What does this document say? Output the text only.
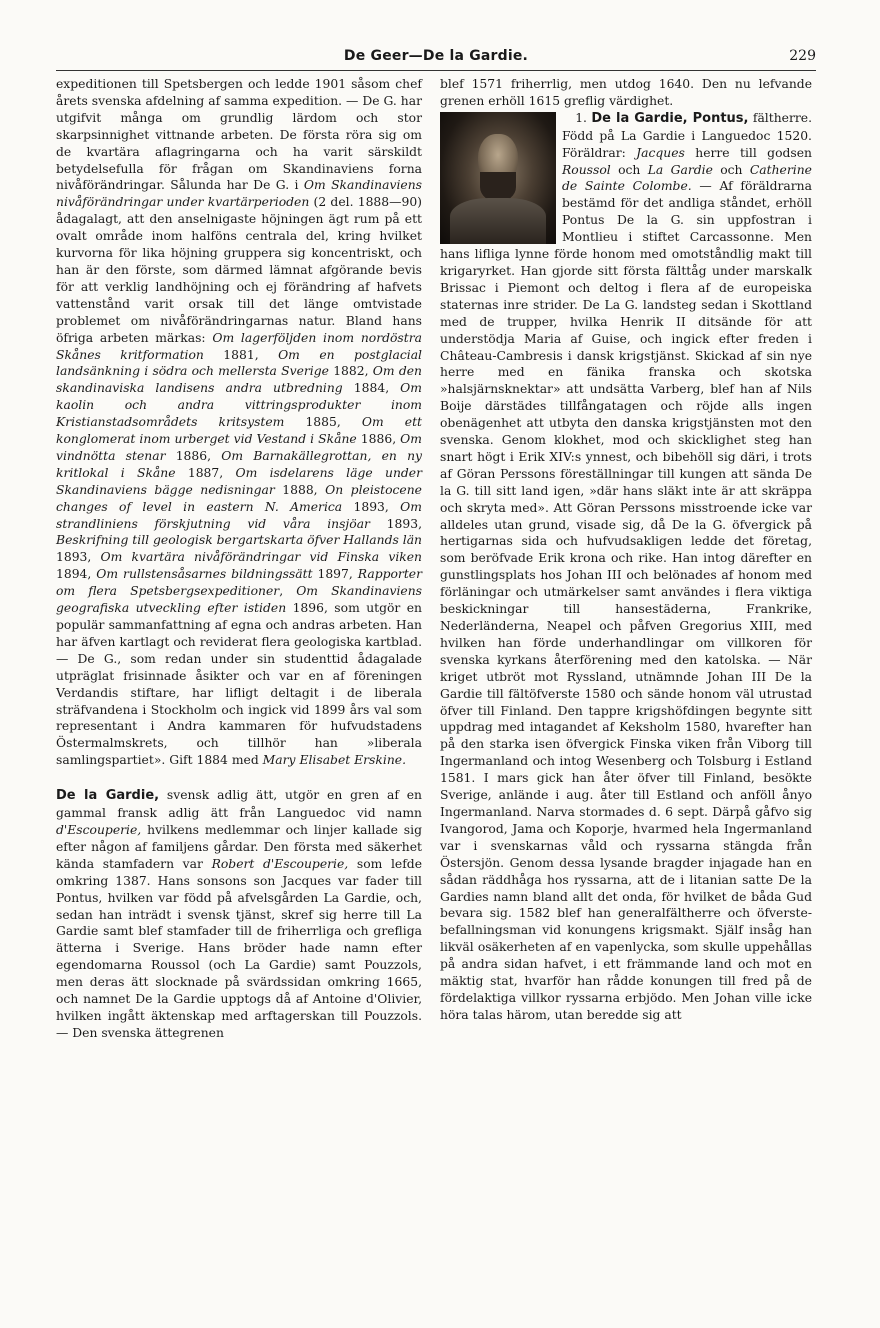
De Geer—De la Gardie.	229

expeditionen till Spetsbergen och ledde 1901 såsom chef årets svenska afdelning af samma expedition. — De G. har utgifvit många om grundlig lärdom och stor skarpsinnighet vittnande arbeten. De första röra sig om de kvartära aflagringarna och ha varit särskildt betydelsefulla för frågan om Skandinaviens forna nivåförändringar. Sålunda har De G. i Om Skandinaviens nivåförändringar under kvartärperioden (2 del. 1888—90) ådagalagt, att den anselnigaste höjningen ägt rum på ett ovalt område inom halföns centrala del, kring hvilket kurvorna för lika höjning gruppera sig koncentriskt, och han är den förste, som därmed lämnat afgörande bevis för att verklig landhöjning och ej förändring af hafvets vattenstånd varit orsak till det länge omtvistade problemet om nivåförändringarnas natur. Bland hans öfriga arbeten märkas: Om lagerföljden inom nordöstra Skånes kritformation 1881, Om en postglacial landsänkning i södra och mellersta Sverige 1882, Om den skandinaviska landisens andra utbredning 1884, Om kaolin och andra vittringsprodukter inom Kristianstadsområdets kritsystem 1885, Om ett konglomerat inom urberget vid Vestand i Skåne 1886, Om vindnötta stenar 1886, Om Barnakällegrottan, en ny kritlokal i Skåne 1887, Om isdelarens läge under Skandinaviens bägge nedisningar 1888, On pleistocene changes of level in eastern N. America 1893, Om strandliniens förskjutning vid våra insjöar 1893, Beskrifning till geologisk bergartskarta öfver Hallands län 1893, Om kvartära nivåförändringar vid Finska viken 1894, Om rullstensåsarnes bildningssätt 1897, Rapporter om flera Spetsbergsexpeditioner, Om Skandinaviens geografiska utveckling efter istiden 1896, som utgör en populär sammanfattning af egna och andras arbeten. Han har äfven kartlagt och reviderat flera geologiska kartblad. — De G., som redan under sin studenttid ådagalade utpräglat frisinnade åsikter och var en af föreningen Verdandis stiftare, har lifligt deltagit i de liberala sträfvandena i Stockholm och ingick vid 1899 års val som representant i Andra kammaren för hufvudstadens Östermalmskrets, och tillhör han »liberala samlingspartiet». Gift 1884 med Mary Elisabet Erskine.

De la Gardie, svensk adlig ätt, utgör en gren af en gammal fransk adlig ätt från Languedoc vid namn d'Escouperie, hvilkens medlemmar och linjer kallade sig efter någon af familjens gårdar. Den första med säkerhet kända stamfadern var Robert d'Escouperie, som lefde omkring 1387. Hans sonsons son Jacques var fader till Pontus, hvilken var född på afvelsgården La Gardie, och, sedan han inträdt i svensk tjänst, skref sig herre till La Gardie samt blef stamfader till de friherrliga och grefliga ätterna i Sverige. Hans bröder hade namn efter egendomarna Roussol (och La Gardie) samt Pouzzols, men deras ätt slocknade på svärdssidan omkring 1665, och namnet De la Gardie upptogs då af Antoine d'Olivier, hvilken ingått äktenskap med arftagerskan till Pouzzols. — Den svenska ättegrenen

blef 1571 friherrlig, men utdog 1640. Den nu lefvande grenen erhöll 1615 greflig värdighet.

1. De la Gardie, Pontus, fältherre. Född på La Gardie i Languedoc 1520. Föräldrar: Jacques herre till godsen Roussol och La Gardie och Catherine de Sainte Colombe. — Af föräldrarna bestämd för det andliga ståndet, erhöll Pontus De la G. sin uppfostran i Montlieu i stiftet Carcassonne. Men hans lifliga lynne förde honom med omotståndlig makt till krigaryrket. Han gjorde sitt första fälttåg under marskalk Brissac i Piemont och deltog i flera af de europeiska staternas inre strider. De La G. landsteg sedan i Skottland med de trupper, hvilka Henrik II ditsände för att understödja Maria af Guise, och ingick efter freden i Château-Cambresis i dansk krigstjänst. Skickad af sin nye herre med en fänika franska och skotska »halsjärnsknektar» att undsätta Varberg, blef han af Nils Boije därstädes tillfångatagen och röjde alls ingen obenägenhet att utbyta den danska krigstjänsten mot den svenska. Genom klokhet, mod och skicklighet steg han snart högt i Erik XIV:s ynnest, och bibehöll sig däri, i trots af Göran Perssons föreställningar till kungen att sända De la G. till sitt land igen, »där hans släkt inte är att skräppa och skryta med». Att Göran Perssons misstroende icke var alldeles utan grund, visade sig, då De la G. öfvergick på hertigarnas sida och hufvudsakligen ledde det företag, som beröfvade Erik krona och rike. Han intog därefter en gunstlingsplats hos Johan III och belönades af honom med förläningar och utmärkelser samt användes i flera viktiga beskickningar till hansestäderna, Frankrike, Nederländerna, Neapel och påfven Gregorius XIII, med hvilken han förde underhandlingar om villkoren för svenska kyrkans återförening med den katolska. — När kriget utbröt mot Ryssland, utnämnde Johan III De la Gardie till fältöfverste 1580 och sände honom väl utrustad öfver till Finland. Den tappre krigshöfdingen begynte sitt uppdrag med intagandet af Keksholm 1580, hvarefter han på den starka isen öfvergick Finska viken från Viborg till Ingermanland och intog Wesenberg och Tolsburg i Estland 1581. I mars gick han åter öfver till Finland, besökte Sverige, anlände i aug. åter till Estland och anföll ånyo Ingermanland. Narva stormades d. 6 sept. Därpå gåfvo sig Ivangorod, Jama och Koporje, hvarmed hela Ingermanland var i svenskarnas våld och ryssarna stängda från Östersjön. Genom dessa lysande bragder injagade han en sådan räddhåga hos ryssarna, att de i litanian satte De la Gardies namn bland allt det onda, för hvilket de båda Gud bevara sig. 1582 blef han generalfältherre och öfverste-befallningsman vid konungens krigsmakt. Själf insåg han likväl osäkerheten af en vapenlycka, som skulle uppehållas på andra sidan hafvet, i ett främmande land och mot en mäktig stat, hvarför han rådde konungen till fred på de fördelaktiga villkor ryssarna erbjödo. Men Johan ville icke höra talas härom, utan beredde sig att
